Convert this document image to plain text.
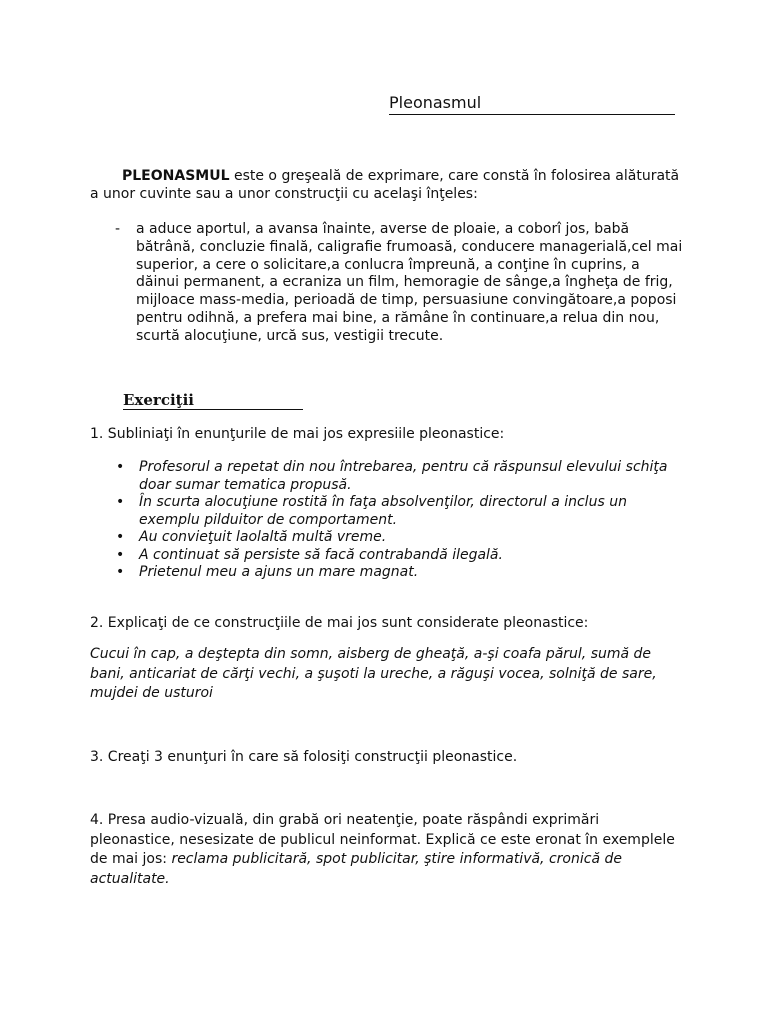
Pleonasmul
PLEONASMUL este o greşeală de exprimare, care constă în folosirea alăturată a unor cuvinte sau a unor construcţii cu acelaşi înţeles:
- a aduce aportul, a avansa înainte, averse de ploaie, a coborî jos, babă bătrână, concluzie finală, caligrafie frumoasă, conducere managerială,cel mai superior, a cere o solicitare,a conlucra împreună, a conţine în cuprins, a dăinui permanent, a ecraniza un film, hemoragie de sânge,a îngheţa de frig, mijloace mass-media, perioadă de timp, persuasiune convingătoare,a poposi pentru odihnă, a prefera mai bine, a rămâne în continuare,a relua din nou, scurtă alocuţiune, urcă sus, vestigii trecute.
Exerciţii
1. Subliniaţi în enunţurile de mai jos expresiile pleonastice:
• Profesorul a repetat din nou întrebarea, pentru că răspunsul elevului schiţa doar sumar tematica propusă.
• În scurta alocuţiune rostită în faţa absolvenţilor, directorul a inclus un exemplu pilduitor de comportament.
• Au convieţuit laolaltă multă vreme.
• A continuat să persiste să facă contrabandă ilegală.
• Prietenul meu a ajuns un mare magnat.
2. Explicaţi de ce construcţiile de mai jos sunt considerate pleonastice:
Cucui în cap, a deştepta din somn, aisberg de gheaţă, a-şi coafa părul, sumă de bani, anticariat de cărţi vechi, a şuşoti la ureche, a răguşi vocea, solniţă de sare, mujdei de usturoi
3. Creaţi 3 enunţuri în care să folosiţi construcţii pleonastice.
4. Presa audio-vizuală, din grabă ori neatenţie, poate răspândi exprimări pleonastice, nesesizate de publicul neinformat. Explică ce este eronat în exemplele de mai jos: reclama publicitară, spot publicitar, ştire informativă, cronică de actualitate.
